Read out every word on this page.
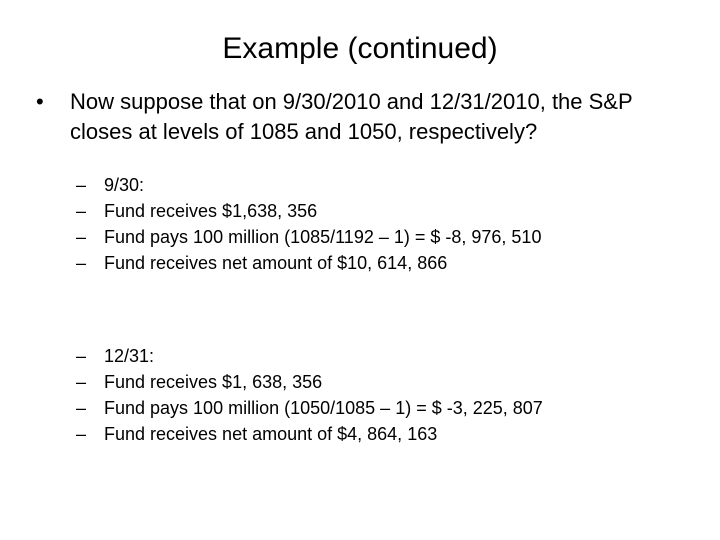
Example (continued)
•	Now suppose that on 9/30/2010 and 12/31/2010, the S&P closes at levels of 1085 and 1050, respectively?
– 9/30:
– Fund receives $1,638, 356
– Fund pays 100 million (1085/1192 – 1) = $ -8, 976, 510
– Fund receives net amount of $10, 614, 866
– 12/31:
– Fund receives $1, 638, 356
– Fund pays 100 million (1050/1085 – 1) = $ -3, 225, 807
– Fund receives net amount of $4, 864, 163
